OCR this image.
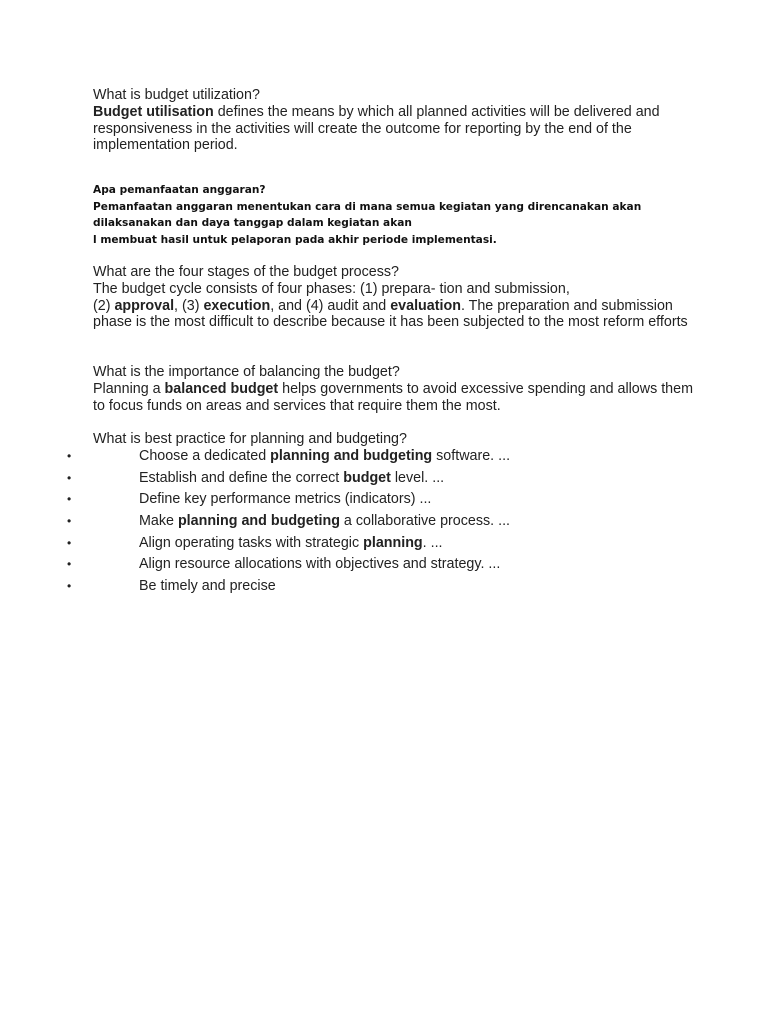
What is budget utilization?
Budget utilisation defines the means by which all planned activities will be delivered and responsiveness in the activities will create the outcome for reporting by the end of the implementation period.
Apa pemanfaatan anggaran?
Pemanfaatan anggaran menentukan cara di mana semua kegiatan yang direncanakan akan
dilaksanakan dan daya tanggap dalam kegiatan akan
l membuat hasil untuk pelaporan pada akhir periode implementasi.
What are the four stages of the budget process?
The budget cycle consists of four phases: (1) prepara- tion and submission,
(2) approval, (3) execution, and (4) audit and evaluation. The preparation and submission phase is the most difficult to describe because it has been subjected to the most reform efforts
What is the importance of balancing the budget?
Planning a balanced budget helps governments to avoid excessive spending and allows them to focus funds on areas and services that require them the most.
What is best practice for planning and budgeting?
•	Choose a dedicated planning and budgeting software. ...
•	Establish and define the correct budget level. ...
•	Define key performance metrics (indicators) ...
•	Make planning and budgeting a collaborative process. ...
•	Align operating tasks with strategic planning. ...
•	Align resource allocations with objectives and strategy. ...
•	Be timely and precise
